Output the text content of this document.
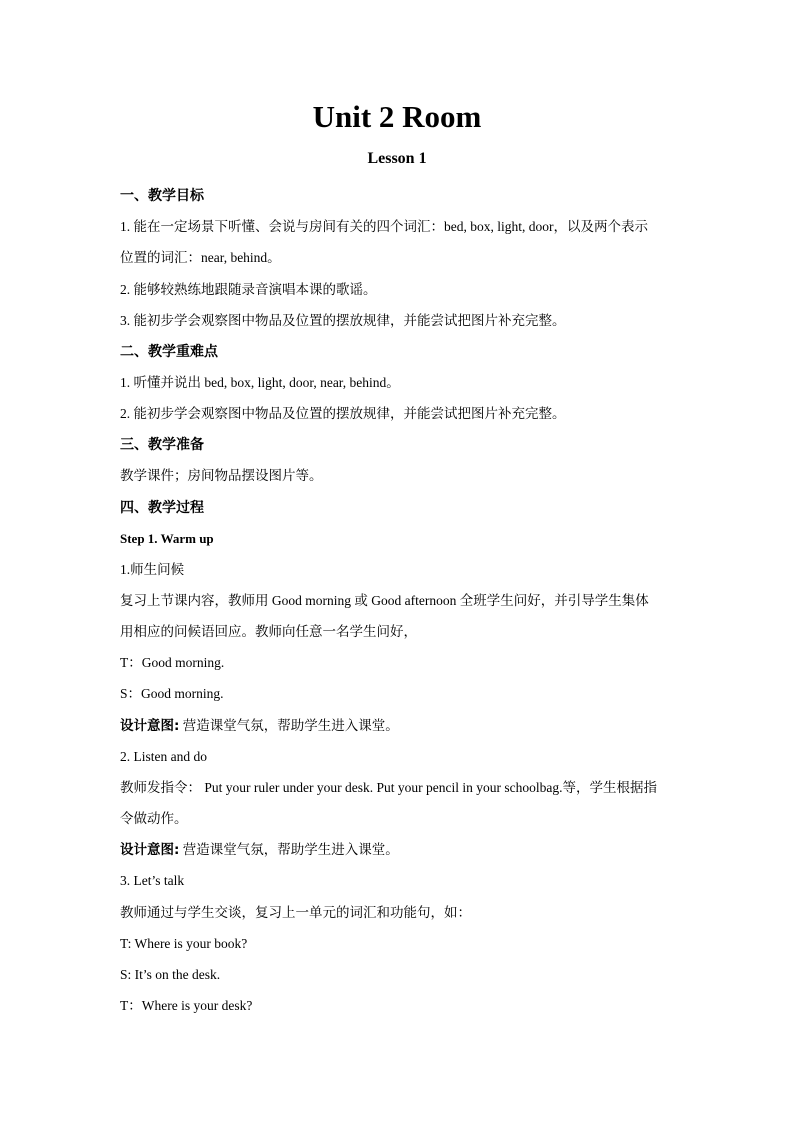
Unit 2 Room
Lesson 1
一、教学目标
1. 能在一定场景下听懂、会说与房间有关的四个词汇：bed, box, light, door，以及两个表示
位置的词汇：near, behind。
2. 能够较熟练地跟随录音演唱本课的歌谣。
3. 能初步学会观察图中物品及位置的摆放规律，并能尝试把图片补充完整。
二、教学重难点
1. 听懂并说出 bed, box, light, door, near, behind。
2. 能初步学会观察图中物品及位置的摆放规律，并能尝试把图片补充完整。
三、教学准备
教学课件；房间物品摆设图片等。
四、教学过程
Step 1. Warm up
1.师生问候
复习上节课内容，教师用 Good morning 或 Good afternoon 全班学生问好，并引导学生集体
用相应的问候语回应。教师向任意一名学生问好，
T：Good morning.
S：Good morning.
设计意图: 营造课堂气氛，帮助学生进入课堂。
2. Listen and do
教师发指令： Put your ruler under your desk. Put your pencil in your schoolbag.等，学生根据指
令做动作。
设计意图: 营造课堂气氛，帮助学生进入课堂。
3. Let’s talk
教师通过与学生交谈，复习上一单元的词汇和功能句，如：
T: Where is your book?
S: It’s on the desk.
T：Where is your desk?
